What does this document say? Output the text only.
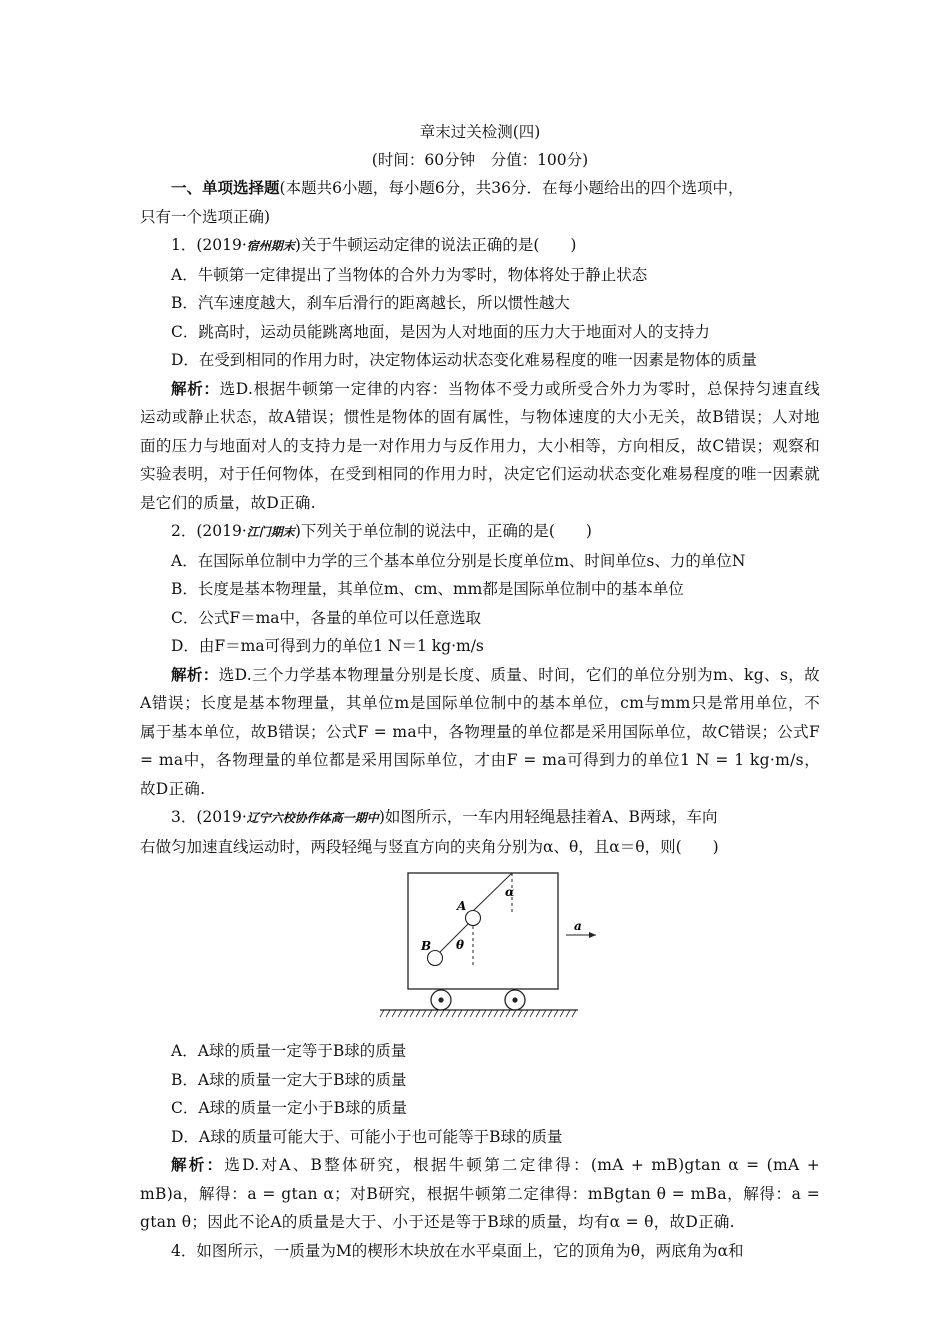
章末过关检测(四)
(时间：60分钟　分值：100分)
一、单项选择题(本题共6小题，每小题6分，共36分．在每小题给出的四个选项中，
只有一个选项正确)
1．(2019·宿州期末)关于牛顿运动定律的说法正确的是(　　)
A．牛顿第一定律提出了当物体的合外力为零时，物体将处于静止状态
B．汽车速度越大，刹车后滑行的距离越长，所以惯性越大
C．跳高时，运动员能跳离地面，是因为人对地面的压力大于地面对人的支持力
D．在受到相同的作用力时，决定物体运动状态变化难易程度的唯一因素是物体的质量
解析：选D.根据牛顿第一定律的内容：当物体不受力或所受合外力为零时，总保持匀速直线运动或静止状态，故A错误；惯性是物体的固有属性，与物体速度的大小无关，故B错误；人对地面的压力与地面对人的支持力是一对作用力与反作用力，大小相等，方向相反，故C错误；观察和实验表明，对于任何物体，在受到相同的作用力时，决定它们运动状态变化难易程度的唯一因素就是它们的质量，故D正确.
2．(2019·江门期末)下列关于单位制的说法中，正确的是(　　)
A．在国际单位制中力学的三个基本单位分别是长度单位m、时间单位s、力的单位N
B．长度是基本物理量，其单位m、cm、mm都是国际单位制中的基本单位
C．公式F＝ma中，各量的单位可以任意选取
D．由F＝ma可得到力的单位1 N＝1 kg·m/s
解析：选D.三个力学基本物理量分别是长度、质量、时间，它们的单位分别为m、kg、s，故A错误；长度是基本物理量，其单位m是国际单位制中的基本单位，cm与mm只是常用单位，不属于基本单位，故B错误；公式F = ma中，各物理量的单位都是采用国际单位，故C错误；公式F = ma中，各物理量的单位都是采用国际单位，才由F = ma可得到力的单位1 N = 1 kg·m/s，故D正确.
3．(2019·辽宁六校协作体高一期中)如图所示，一车内用轻绳悬挂着A、B两球，车向
右做匀加速直线运动时，两段轻绳与竖直方向的夹角分别为α、θ，且α＝θ，则(　　)
α
A
θ
B
a
A．A球的质量一定等于B球的质量
B．A球的质量一定大于B球的质量
C．A球的质量一定小于B球的质量
D．A球的质量可能大于、可能小于也可能等于B球的质量
解析：选D.对A、B整体研究，根据牛顿第二定律得：(mA + mB)gtan α = (mA + mB)a，解得：a = gtan α；对B研究，根据牛顿第二定律得：mBgtan θ = mBa，解得：a = gtan θ；因此不论A的质量是大于、小于还是等于B球的质量，均有α = θ，故D正确.
4．如图所示，一质量为M的楔形木块放在水平桌面上，它的顶角为θ，两底角为α和
